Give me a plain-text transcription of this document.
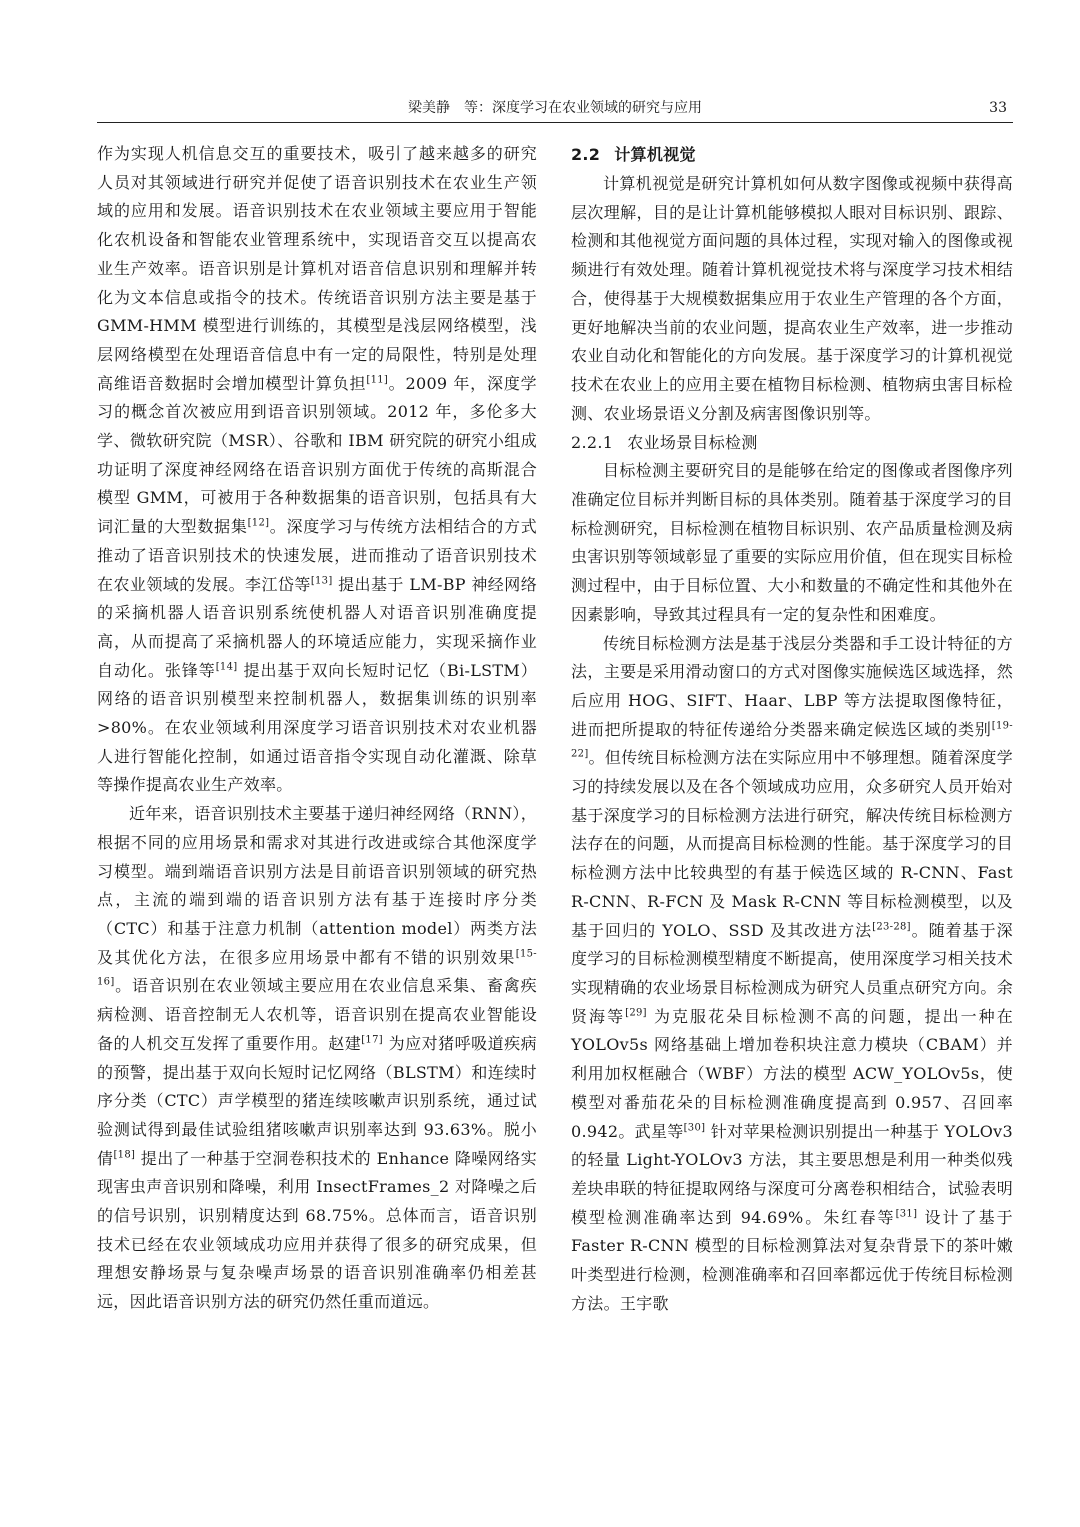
梁美静　等：深度学习在农业领域的研究与应用	33

作为实现人机信息交互的重要技术，吸引了越来越多的研究人员对其领域进行研究并促使了语音识别技术在农业生产领域的应用和发展。语音识别技术在农业领域主要应用于智能化农机设备和智能农业管理系统中，实现语音交互以提高农业生产效率。语音识别是计算机对语音信息识别和理解并转化为文本信息或指令的技术。传统语音识别方法主要是基于 GMM-HMM 模型进行训练的，其模型是浅层网络模型，浅层网络模型在处理语音信息中有一定的局限性，特别是处理高维语音数据时会增加模型计算负担[11]。2009 年，深度学习的概念首次被应用到语音识别领域。2012 年，多伦多大学、微软研究院（MSR）、谷歌和 IBM 研究院的研究小组成功证明了深度神经网络在语音识别方面优于传统的高斯混合模型 GMM，可被用于各种数据集的语音识别，包括具有大词汇量的大型数据集[12]。深度学习与传统方法相结合的方式推动了语音识别技术的快速发展，进而推动了语音识别技术在农业领域的发展。李江岱等[13] 提出基于 LM-BP 神经网络的采摘机器人语音识别系统使机器人对语音识别准确度提高，从而提高了采摘机器人的环境适应能力，实现采摘作业自动化。张锋等[14] 提出基于双向长短时记忆（Bi-LSTM）网络的语音识别模型来控制机器人，数据集训练的识别率>80%。在农业领域利用深度学习语音识别技术对农业机器人进行智能化控制，如通过语音指令实现自动化灌溉、除草等操作提高农业生产效率。

近年来，语音识别技术主要基于递归神经网络（RNN），根据不同的应用场景和需求对其进行改进或综合其他深度学习模型。端到端语音识别方法是目前语音识别领域的研究热点，主流的端到端的语音识别方法有基于连接时序分类（CTC）和基于注意力机制（attention model）两类方法及其优化方法，在很多应用场景中都有不错的识别效果[15-16]。语音识别在农业领域主要应用在农业信息采集、畜禽疾病检测、语音控制无人农机等，语音识别在提高农业智能设备的人机交互发挥了重要作用。赵建[17] 为应对猪呼吸道疾病的预警，提出基于双向长短时记忆网络（BLSTM）和连续时序分类（CTC）声学模型的猪连续咳嗽声识别系统，通过试验测试得到最佳试验组猪咳嗽声识别率达到 93.63%。脱小倩[18] 提出了一种基于空洞卷积技术的 Enhance 降噪网络实现害虫声音识别和降噪，利用 InsectFrames_2 对降噪之后的信号识别，识别精度达到 68.75%。总体而言，语音识别技术已经在农业领域成功应用并获得了很多的研究成果，但理想安静场景与复杂噪声场景的语音识别准确率仍相差甚远，因此语音识别方法的研究仍然任重而道远。

2.2 计算机视觉

计算机视觉是研究计算机如何从数字图像或视频中获得高层次理解，目的是让计算机能够模拟人眼对目标识别、跟踪、检测和其他视觉方面问题的具体过程，实现对输入的图像或视频进行有效处理。随着计算机视觉技术将与深度学习技术相结合，使得基于大规模数据集应用于农业生产管理的各个方面，更好地解决当前的农业问题，提高农业生产效率，进一步推动农业自动化和智能化的方向发展。基于深度学习的计算机视觉技术在农业上的应用主要在植物目标检测、植物病虫害目标检测、农业场景语义分割及病害图像识别等。

2.2.1 农业场景目标检测

目标检测主要研究目的是能够在给定的图像或者图像序列准确定位目标并判断目标的具体类别。随着基于深度学习的目标检测研究，目标检测在植物目标识别、农产品质量检测及病虫害识别等领域彰显了重要的实际应用价值，但在现实目标检测过程中，由于目标位置、大小和数量的不确定性和其他外在因素影响，导致其过程具有一定的复杂性和困难度。

传统目标检测方法是基于浅层分类器和手工设计特征的方法，主要是采用滑动窗口的方式对图像实施候选区域选择，然后应用 HOG、SIFT、Haar、LBP 等方法提取图像特征，进而把所提取的特征传递给分类器来确定候选区域的类别[19-22]。但传统目标检测方法在实际应用中不够理想。随着深度学习的持续发展以及在各个领域成功应用，众多研究人员开始对基于深度学习的目标检测方法进行研究，解决传统目标检测方法存在的问题，从而提高目标检测的性能。基于深度学习的目标检测方法中比较典型的有基于候选区域的 R-CNN、Fast R-CNN、R-FCN 及 Mask R-CNN 等目标检测模型，以及基于回归的 YOLO、SSD 及其改进方法[23-28]。随着基于深度学习的目标检测模型精度不断提高，使用深度学习相关技术实现精确的农业场景目标检测成为研究人员重点研究方向。余贤海等[29] 为克服花朵目标检测不高的问题，提出一种在 YOLOv5s 网络基础上增加卷积块注意力模块（CBAM）并利用加权框融合（WBF）方法的模型 ACW_YOLOv5s，使模型对番茄花朵的目标检测准确度提高到 0.957、召回率 0.942。武星等[30] 针对苹果检测识别提出一种基于 YOLOv3 的轻量 Light-YOLOv3 方法，其主要思想是利用一种类似残差块串联的特征提取网络与深度可分离卷积相结合，试验表明模型检测准确率达到 94.69%。朱红春等[31] 设计了基于 Faster R-CNN 模型的目标检测算法对复杂背景下的茶叶嫩叶类型进行检测，检测准确率和召回率都远优于传统目标检测方法。王宇歌
